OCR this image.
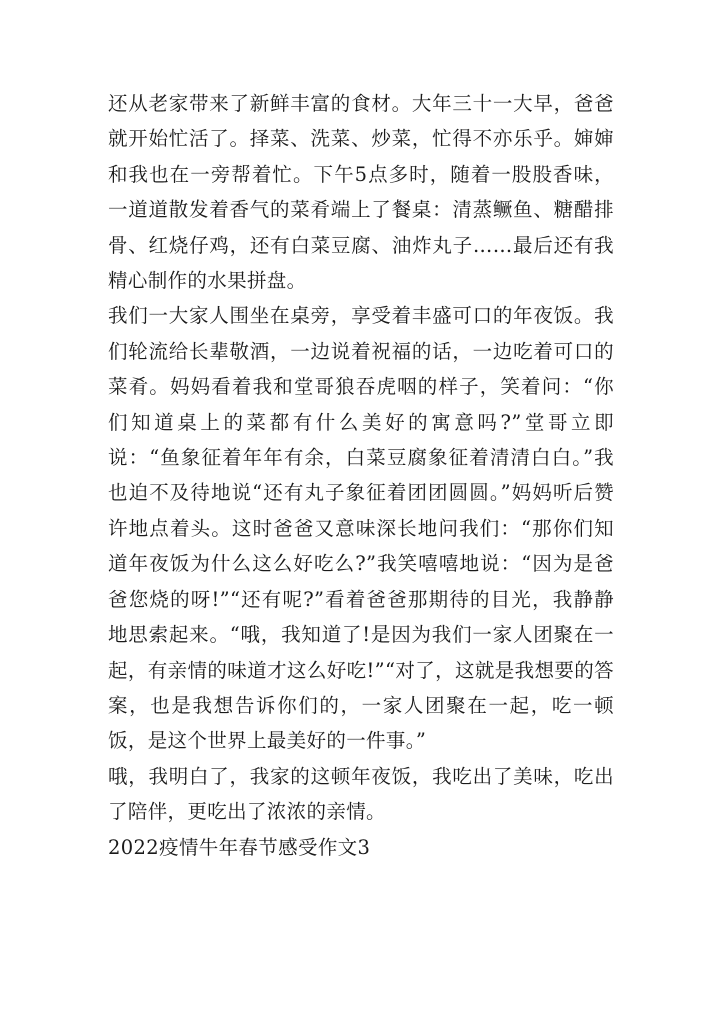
还从老家带来了新鲜丰富的食材。大年三十一大早，爸爸就开始忙活了。择菜、洗菜、炒菜，忙得不亦乐乎。婶婶和我也在一旁帮着忙。下午5点多时，随着一股股香味，一道道散发着香气的菜肴端上了餐桌：清蒸鳜鱼、糖醋排骨、红烧仔鸡，还有白菜豆腐、油炸丸子……最后还有我精心制作的水果拼盘。

我们一大家人围坐在桌旁，享受着丰盛可口的年夜饭。我们轮流给长辈敬酒，一边说着祝福的话，一边吃着可口的菜肴。妈妈看着我和堂哥狼吞虎咽的样子，笑着问：“你们知道桌上的菜都有什么美好的寓意吗?”堂哥立即说：“鱼象征着年年有余，白菜豆腐象征着清清白白。”我也迫不及待地说“还有丸子象征着团团圆圆。”妈妈听后赞许地点着头。这时爸爸又意味深长地问我们：“那你们知道年夜饭为什么这么好吃么?”我笑嘻嘻地说：“因为是爸爸您烧的呀!”“还有呢?”看着爸爸那期待的目光，我静静地思索起来。“哦，我知道了!是因为我们一家人团聚在一起，有亲情的味道才这么好吃!”“对了，这就是我想要的答案，也是我想告诉你们的，一家人团聚在一起，吃一顿饭，是这个世界上最美好的一件事。”

哦，我明白了，我家的这顿年夜饭，我吃出了美味，吃出了陪伴，更吃出了浓浓的亲情。

2022疫情牛年春节感受作文3
